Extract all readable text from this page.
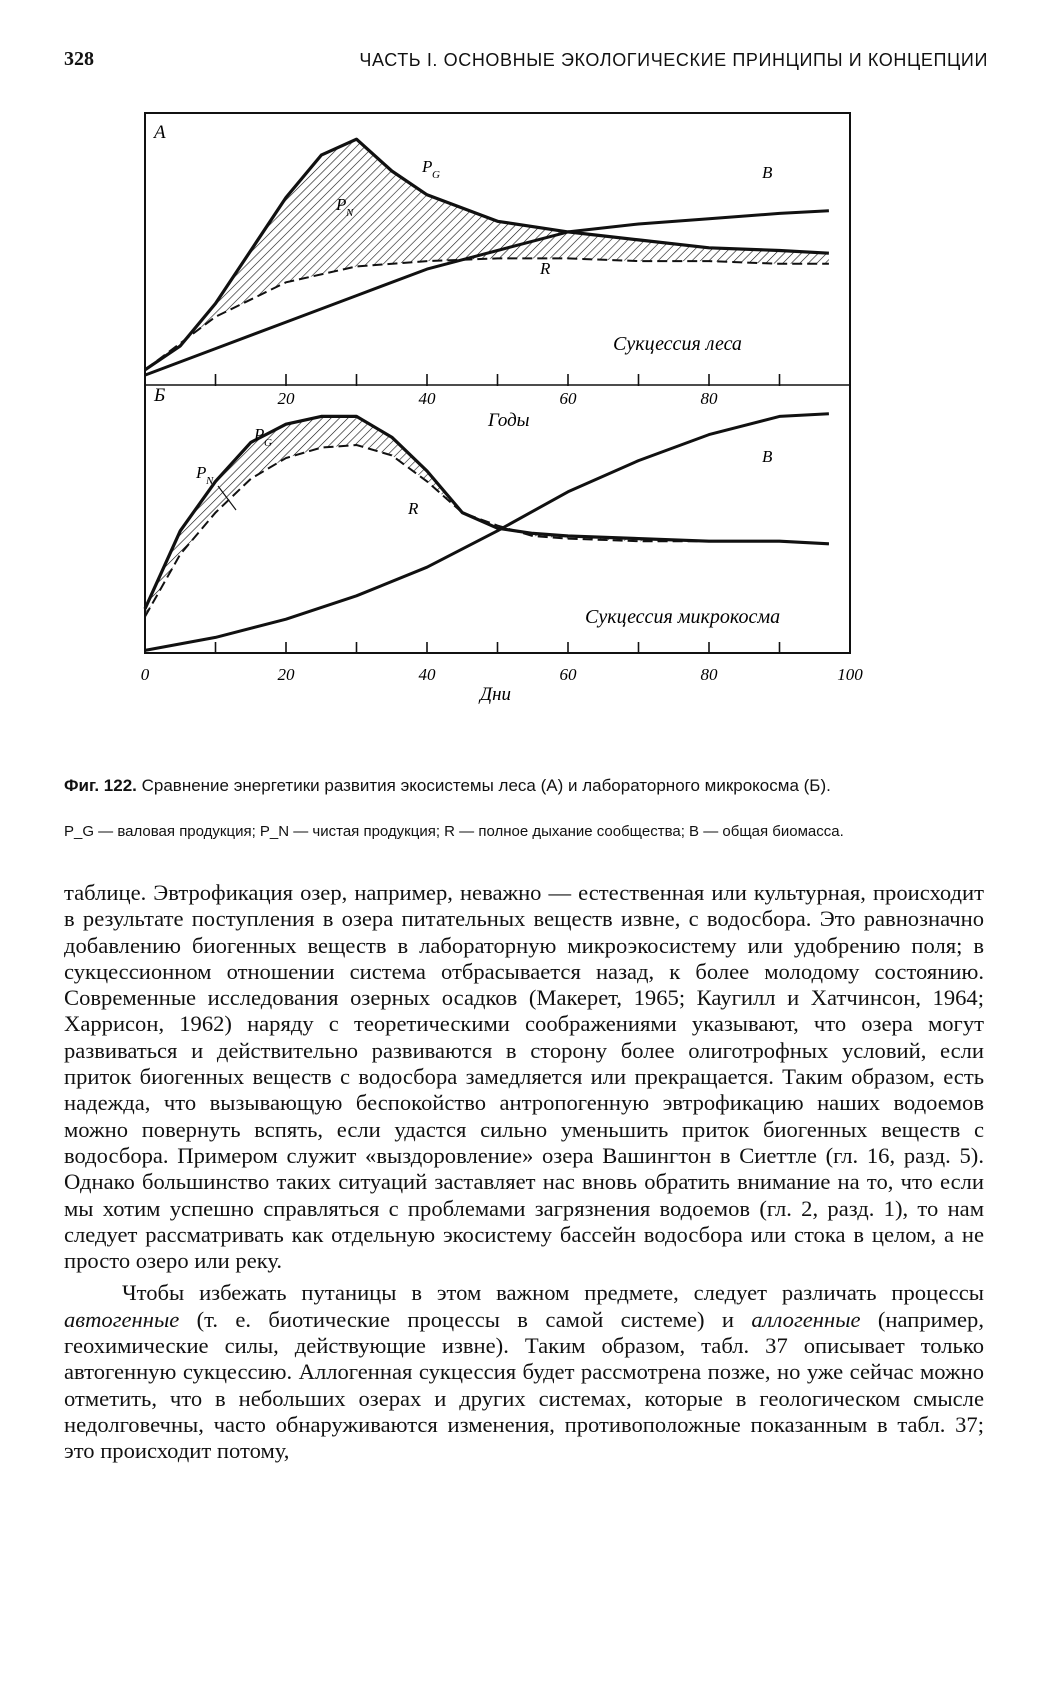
328	ЧАСТЬ I. ОСНОВНЫЕ ЭКОЛОГИЧЕСКИЕ ПРИНЦИПЫ И КОНЦЕПЦИИ
20	40	60	80
0	20	40	60	80	100
А
Б
Годы
Дни
Сукцессия леса
Сукцессия микрокосма
P G
P N
R
B
P G
P N
R
B
Фиг. 122. Сравнение энергетики развития экосистемы леса (А) и лабораторного микрокосма (Б).
P_G — валовая продукция; P_N — чистая продукция; R — полное дыхание сообщества; B — общая биомасса.

таблице. Эвтрофикация озер, например, неважно — естественная или культурная, происходит в результате поступления в озера питательных веществ извне, с водосбора. Это равнозначно добавлению биогенных веществ в лабораторную микроэкосистему или удобрению поля; в сукцессионном отношении система отбрасывается назад, к более молодому состоянию. Современные исследования озерных осадков (Макерет, 1965; Каугилл и Хатчинсон, 1964; Харрисон, 1962) наряду с теоретическими соображениями указывают, что озера могут развиваться и действительно развиваются в сторону более олиготрофных условий, если приток биогенных веществ с водосбора замедляется или прекращается. Таким образом, есть надежда, что вызывающую беспокойство антропогенную эвтрофикацию наших водоемов можно повернуть вспять, если удастся сильно уменьшить приток биогенных веществ с водосбора. Примером служит «выздоровление» озера Вашингтон в Сиеттле (гл. 16, разд. 5). Однако большинство таких ситуаций заставляет нас вновь обратить внимание на то, что если мы хотим успешно справляться с проблемами загрязнения водоемов (гл. 2, разд. 1), то нам следует рассматривать как отдельную экосистему бассейн водосбора или стока в целом, а не просто озеро или реку.

Чтобы избежать путаницы в этом важном предмете, следует различать процессы автогенные (т. е. биотические процессы в самой системе) и аллогенные (например, геохимические силы, действующие извне). Таким образом, табл. 37 описывает только автогенную сукцессию. Аллогенная сукцессия будет рассмотрена позже, но уже сейчас можно отметить, что в небольших озерах и других системах, которые в геологическом смысле недолговечны, часто обнаруживаются изменения, противоположные показанным в табл. 37; это происходит потому,
